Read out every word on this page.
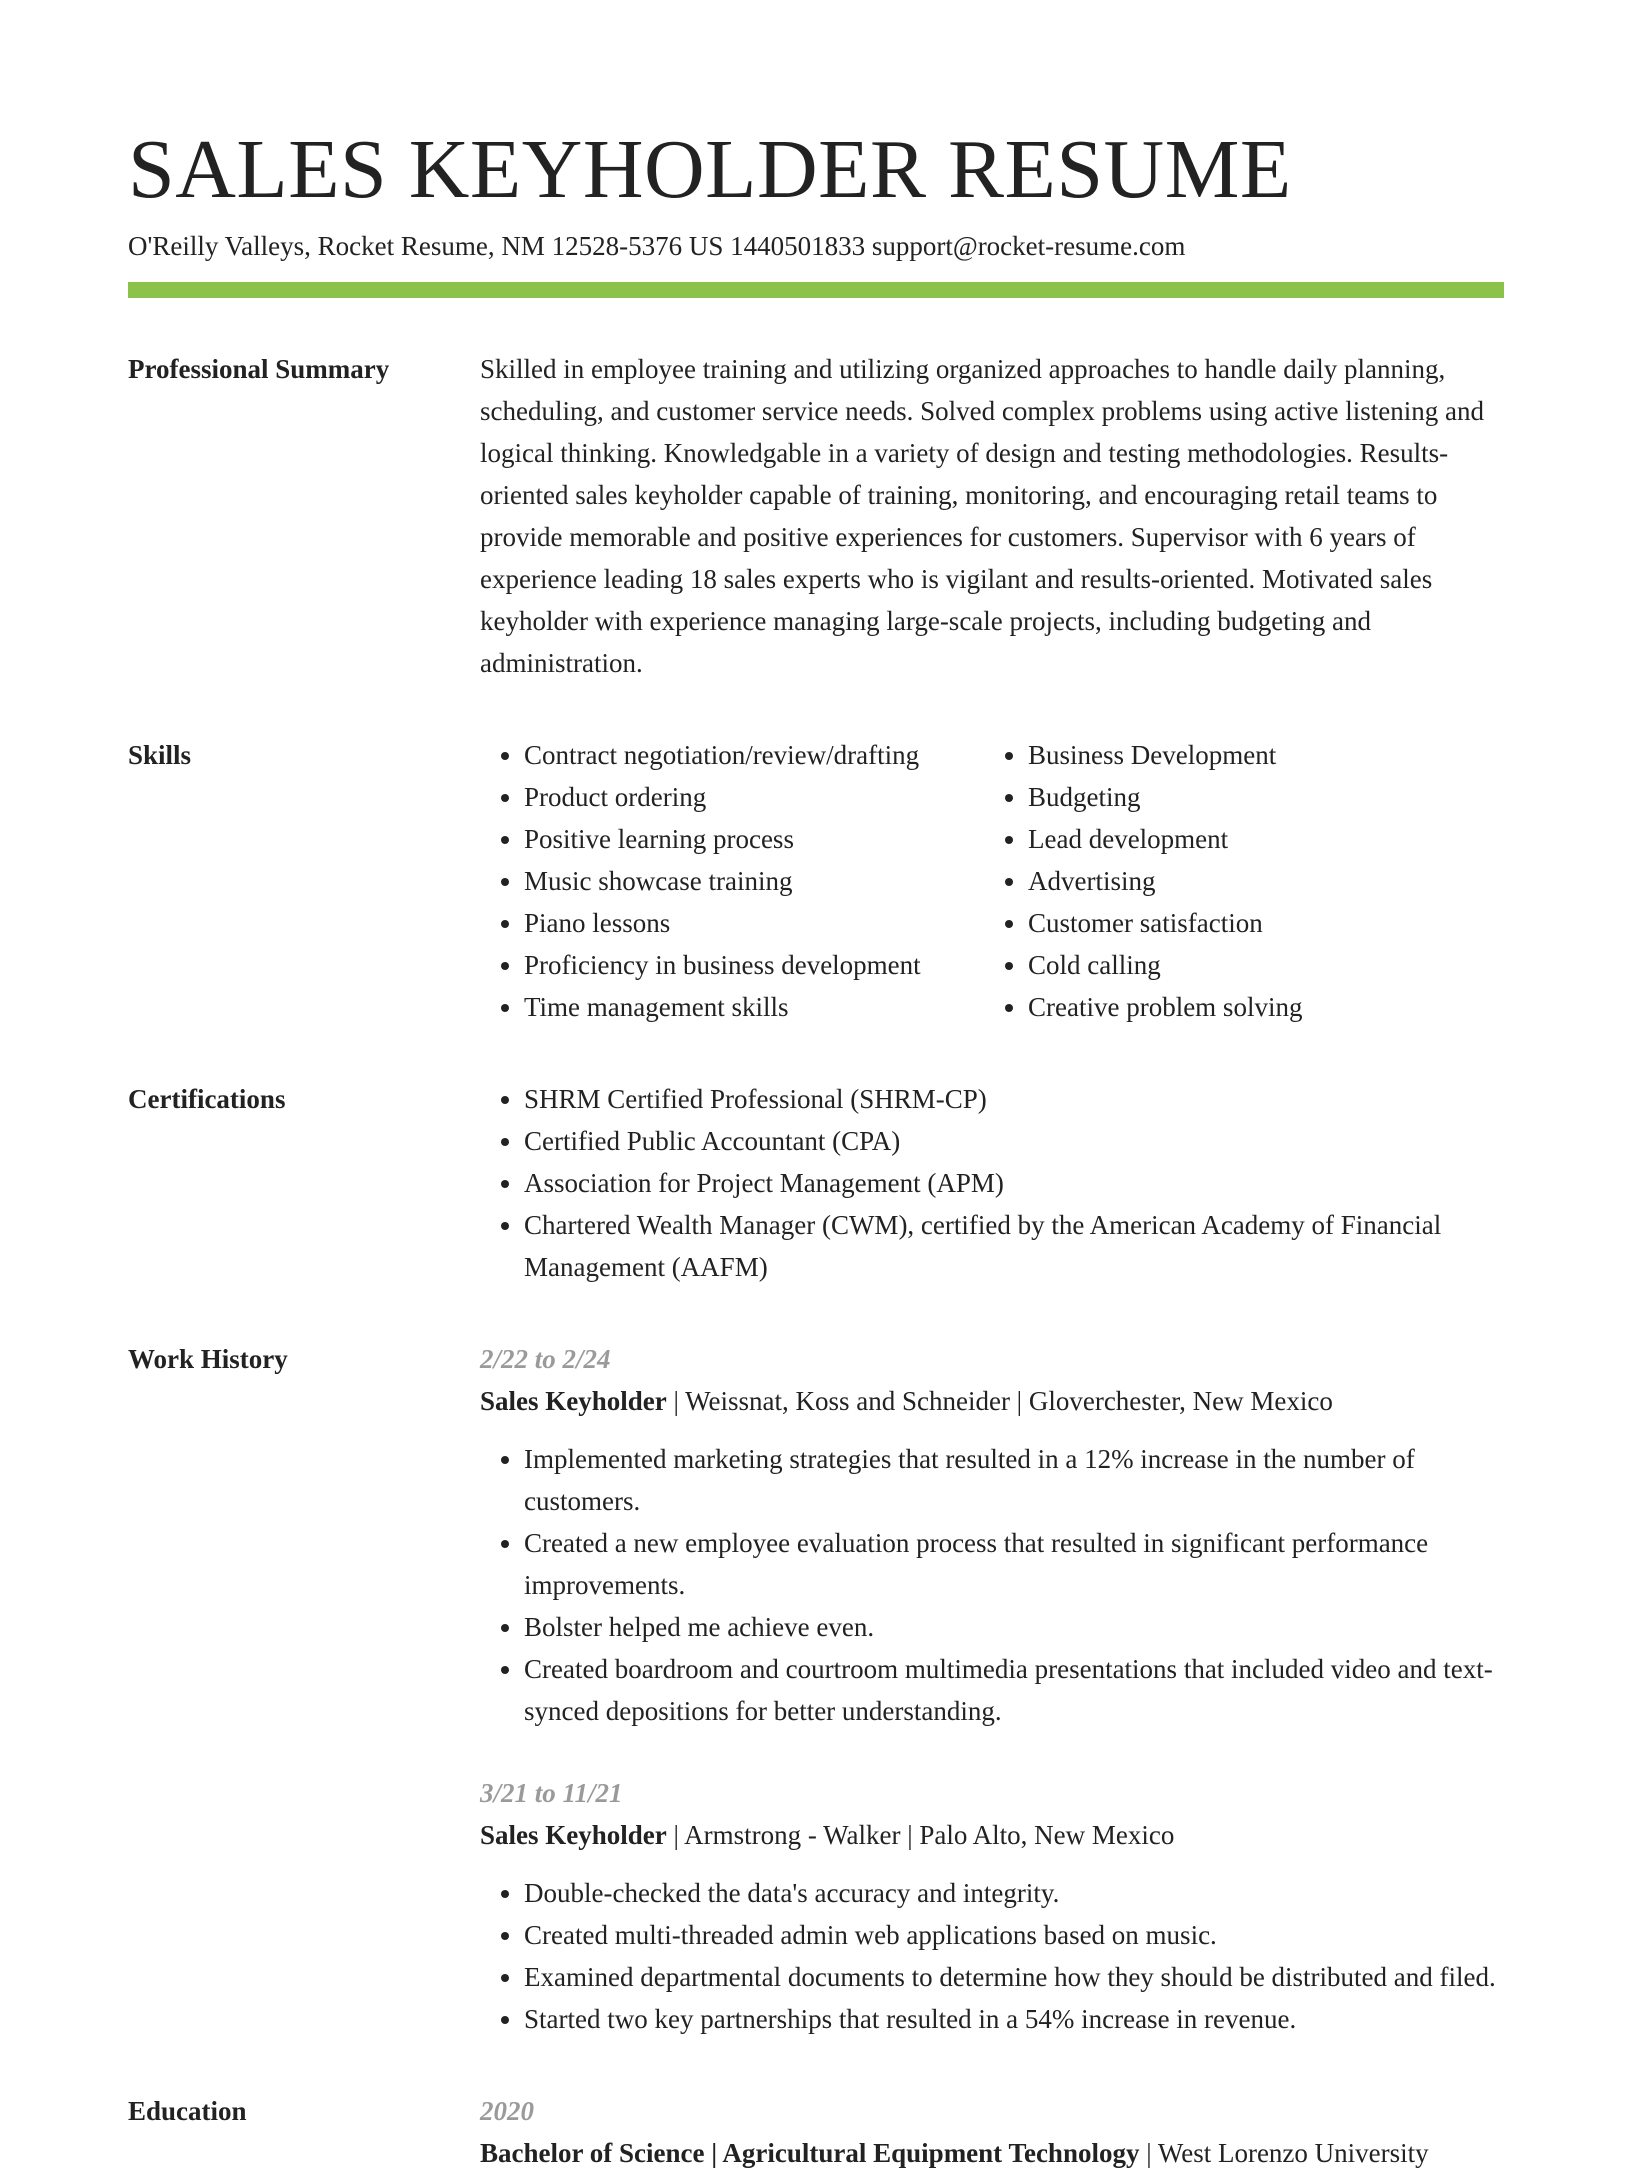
SALES KEYHOLDER RESUME
O'Reilly Valleys, Rocket Resume, NM 12528-5376 US 1440501833 support@rocket-resume.com
Professional Summary	Skilled in employee training and utilizing organized approaches to handle daily planning, scheduling, and customer service needs. Solved complex problems using active listening and logical thinking. Knowledgable in a variety of design and testing methodologies. Results-oriented sales keyholder capable of training, monitoring, and encouraging retail teams to provide memorable and positive experiences for customers. Supervisor with 6 years of experience leading 18 sales experts who is vigilant and results-oriented. Motivated sales keyholder with experience managing large-scale projects, including budgeting and administration.

Skills	• Contract negotiation/review/drafting
• Product ordering
• Positive learning process
• Music showcase training
• Piano lessons
• Proficiency in business development
• Time management skills
• Business Development
• Budgeting
• Lead development
• Advertising
• Customer satisfaction
• Cold calling
• Creative problem solving
Certifications	• SHRM Certified Professional (SHRM-CP)
• Certified Public Accountant (CPA)
• Association for Project Management (APM)
• Chartered Wealth Manager (CWM), certified by the American Academy of Financial Management (AAFM)
Work History	2/22 to 2/24
Sales Keyholder | Weissnat, Koss and Schneider | Gloverchester, New Mexico
• Implemented marketing strategies that resulted in a 12% increase in the number of customers.
• Created a new employee evaluation process that resulted in significant performance improvements.
• Bolster helped me achieve even.
• Created boardroom and courtroom multimedia presentations that included video and text-synced depositions for better understanding.
3/21 to 11/21
Sales Keyholder | Armstrong - Walker | Palo Alto, New Mexico
• Double-checked the data's accuracy and integrity.
• Created multi-threaded admin web applications based on music.
• Examined departmental documents to determine how they should be distributed and filed.
• Started two key partnerships that resulted in a 54% increase in revenue.
Education	2020
Bachelor of Science | Agricultural Equipment Technology | West Lorenzo University
